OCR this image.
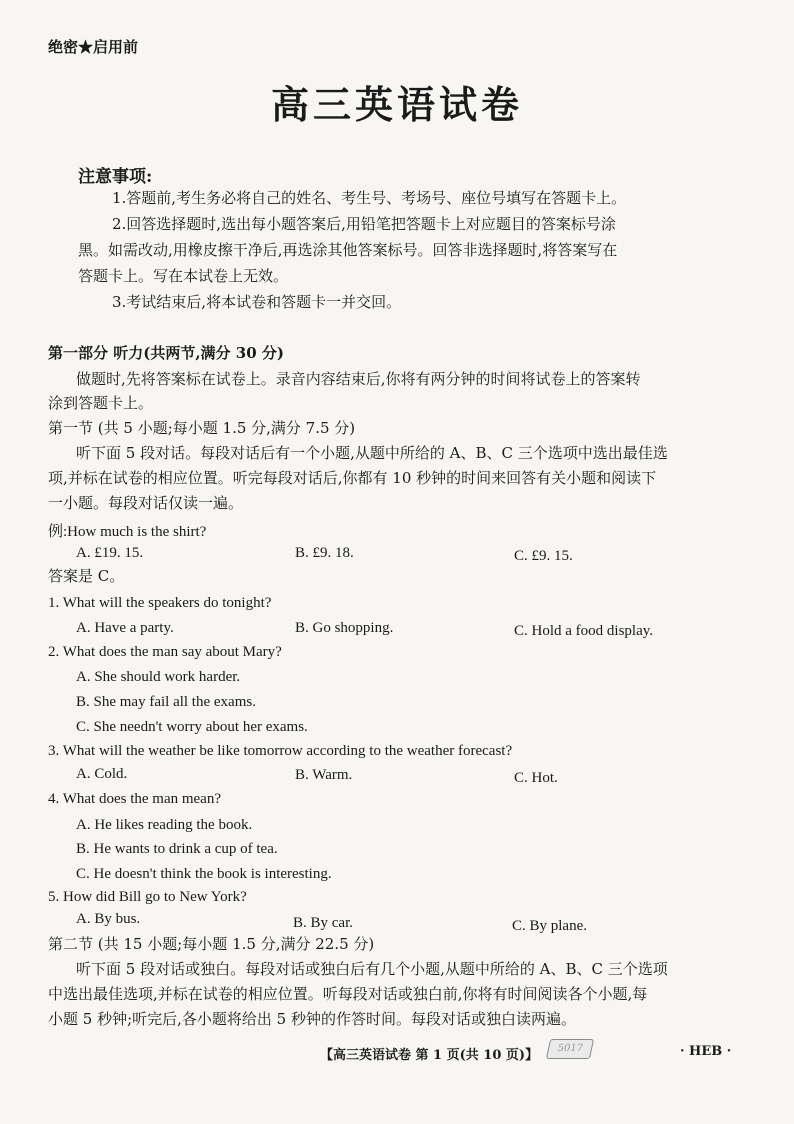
绝密★启用前
高三英语试卷
注意事项:
1.答题前,考生务必将自己的姓名、考生号、考场号、座位号填写在答题卡上。
2.回答选择题时,选出每小题答案后,用铅笔把答题卡上对应题目的答案标号涂
黑。如需改动,用橡皮擦干净后,再选涂其他答案标号。回答非选择题时,将答案写在
答题卡上。写在本试卷上无效。
3.考试结束后,将本试卷和答题卡一并交回。
第一部分 听力(共两节,满分 30 分)
做题时,先将答案标在试卷上。录音内容结束后,你将有两分钟的时间将试卷上的答案转
涂到答题卡上。
第一节 (共 5 小题;每小题 1.5 分,满分 7.5 分)
听下面 5 段对话。每段对话后有一个小题,从题中所给的 A、B、C 三个选项中选出最佳选
项,并标在试卷的相应位置。听完每段对话后,你都有 10 秒钟的时间来回答有关小题和阅读下
一小题。每段对话仅读一遍。
例:How much is the shirt?
A. £19. 15.	B. £9. 18.	C. £9. 15.
答案是 C。
1. What will the speakers do tonight?
A. Have a party.	B. Go shopping.	C. Hold a food display.
2. What does the man say about Mary?
A. She should work harder.
B. She may fail all the exams.
C. She needn't worry about her exams.
3. What will the weather be like tomorrow according to the weather forecast?
A. Cold.	B. Warm.	C. Hot.
4. What does the man mean?
A. He likes reading the book.
B. He wants to drink a cup of tea.
C. He doesn't think the book is interesting.
5. How did Bill go to New York?
A. By bus.	B. By car.	C. By plane.
第二节 (共 15 小题;每小题 1.5 分,满分 22.5 分)
听下面 5 段对话或独白。每段对话或独白后有几个小题,从题中所给的 A、B、C 三个选项
中选出最佳选项,并标在试卷的相应位置。听每段对话或独白前,你将有时间阅读各个小题,每
小题 5 秒钟;听完后,各小题将给出 5 秒钟的作答时间。每段对话或独白读两遍。
【高三英语试卷 第 1 页(共 10 页)】	5017	· HEB ·
